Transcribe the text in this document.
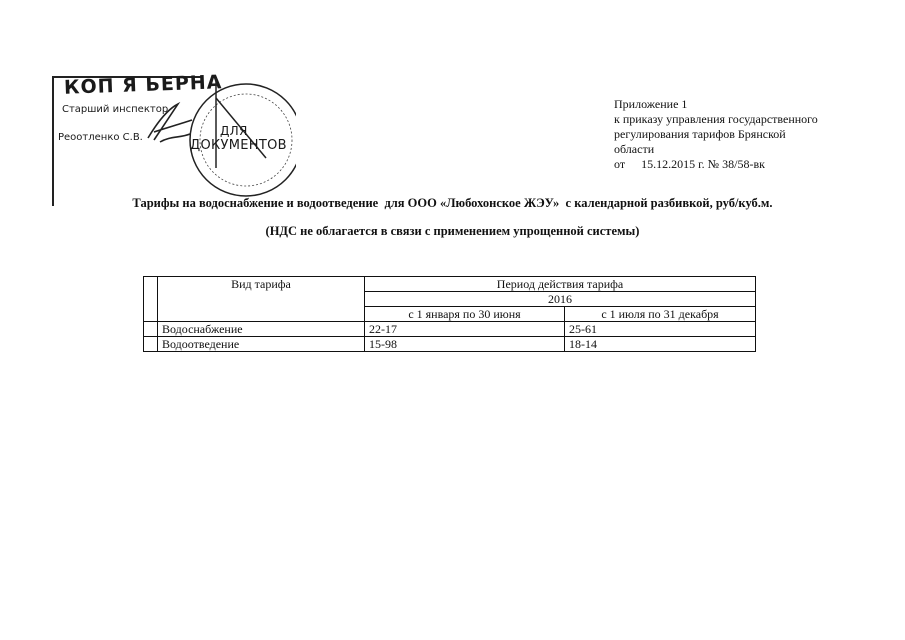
КОП Я ЬЕРНА
Старший инспектор
Реоотленко С.В.	ДЛЯ
ДОКУМЕНТОВ
Приложение 1
к приказу управления государственного
регулирования тарифов Брянской
области
от 15.12.2015 г. № 38/58-вк
Тарифы на водоснабжение и водоотведение  для ООО «Любохонское ЖЭУ»  с календарной разбивкой, руб/куб.м.
(НДС не облагается в связи с применением упрощенной системы)
	Вид тарифа	Период действия тарифа	
		2016	
		с 1 января по 30 июня	с 1 июля по 31 декабря
	Водоснабжение	22-17	25-61
	Водоотведение	15-98	18-14
